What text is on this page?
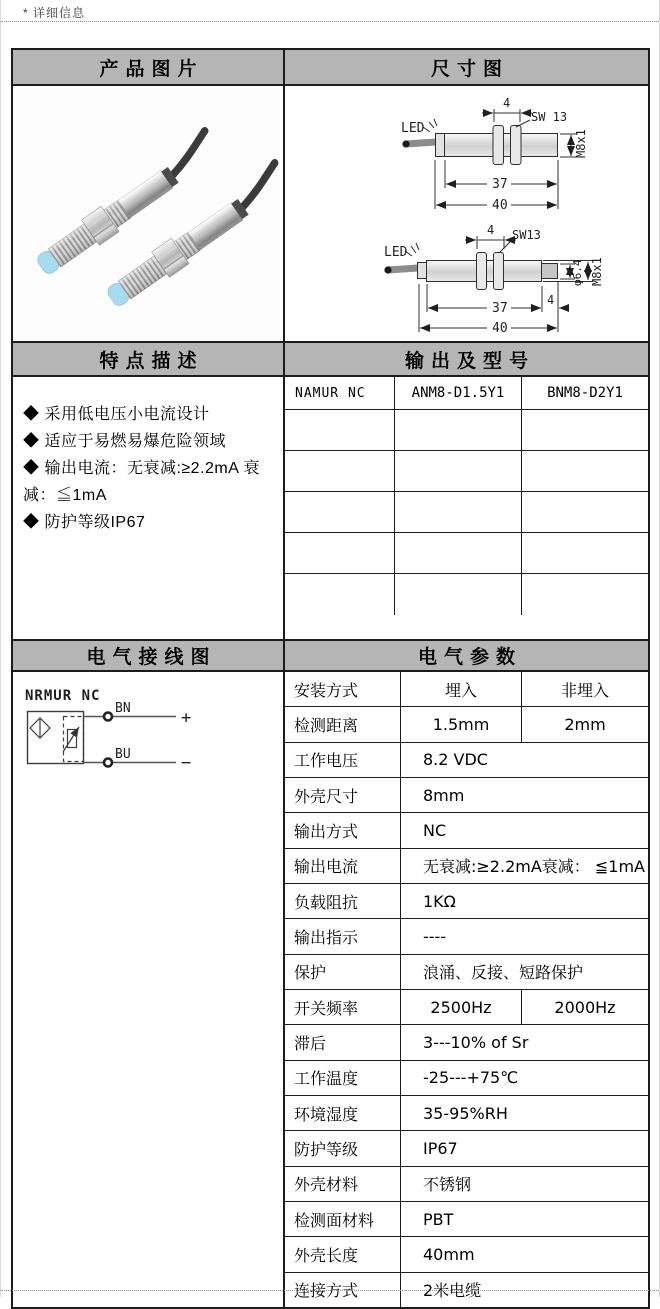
* 详细信息
产品图片	尺寸图
LED
4
SW 13
M8x1
37
40
LED
4 SW13
φ6.4 M8x1
37
4
40
特点描述	输出及型号
◆ 采用低电压小电流设计
◆ 适应于易燃易爆危险领域
◆ 输出电流：无衰减:≥2.2mA 衰减：≦1mA
◆ 防护等级IP67
NAMUR NC	ANM8-D1.5Y1	BNM8-D2Y1
电气接线图	电气参数
NRMUR NC
BN
BU
+
−
安装方式	埋入	非埋入
检测距离	1.5mm	2mm
工作电压	8.2 VDC
外壳尺寸	8mm
输出方式	NC
输出电流	无衰减:≥2.2mA衰减： ≦1mA
负载阻抗	1KΩ
输出指示	----
保护	浪涌、反接、短路保护
开关频率	2500Hz	2000Hz
滞后	3---10% of Sr
工作温度	-25---+75℃
环境湿度	35-95%RH
防护等级	IP67
外壳材料	不锈钢
检测面材料	PBT
外壳长度	40mm
连接方式	2米电缆
